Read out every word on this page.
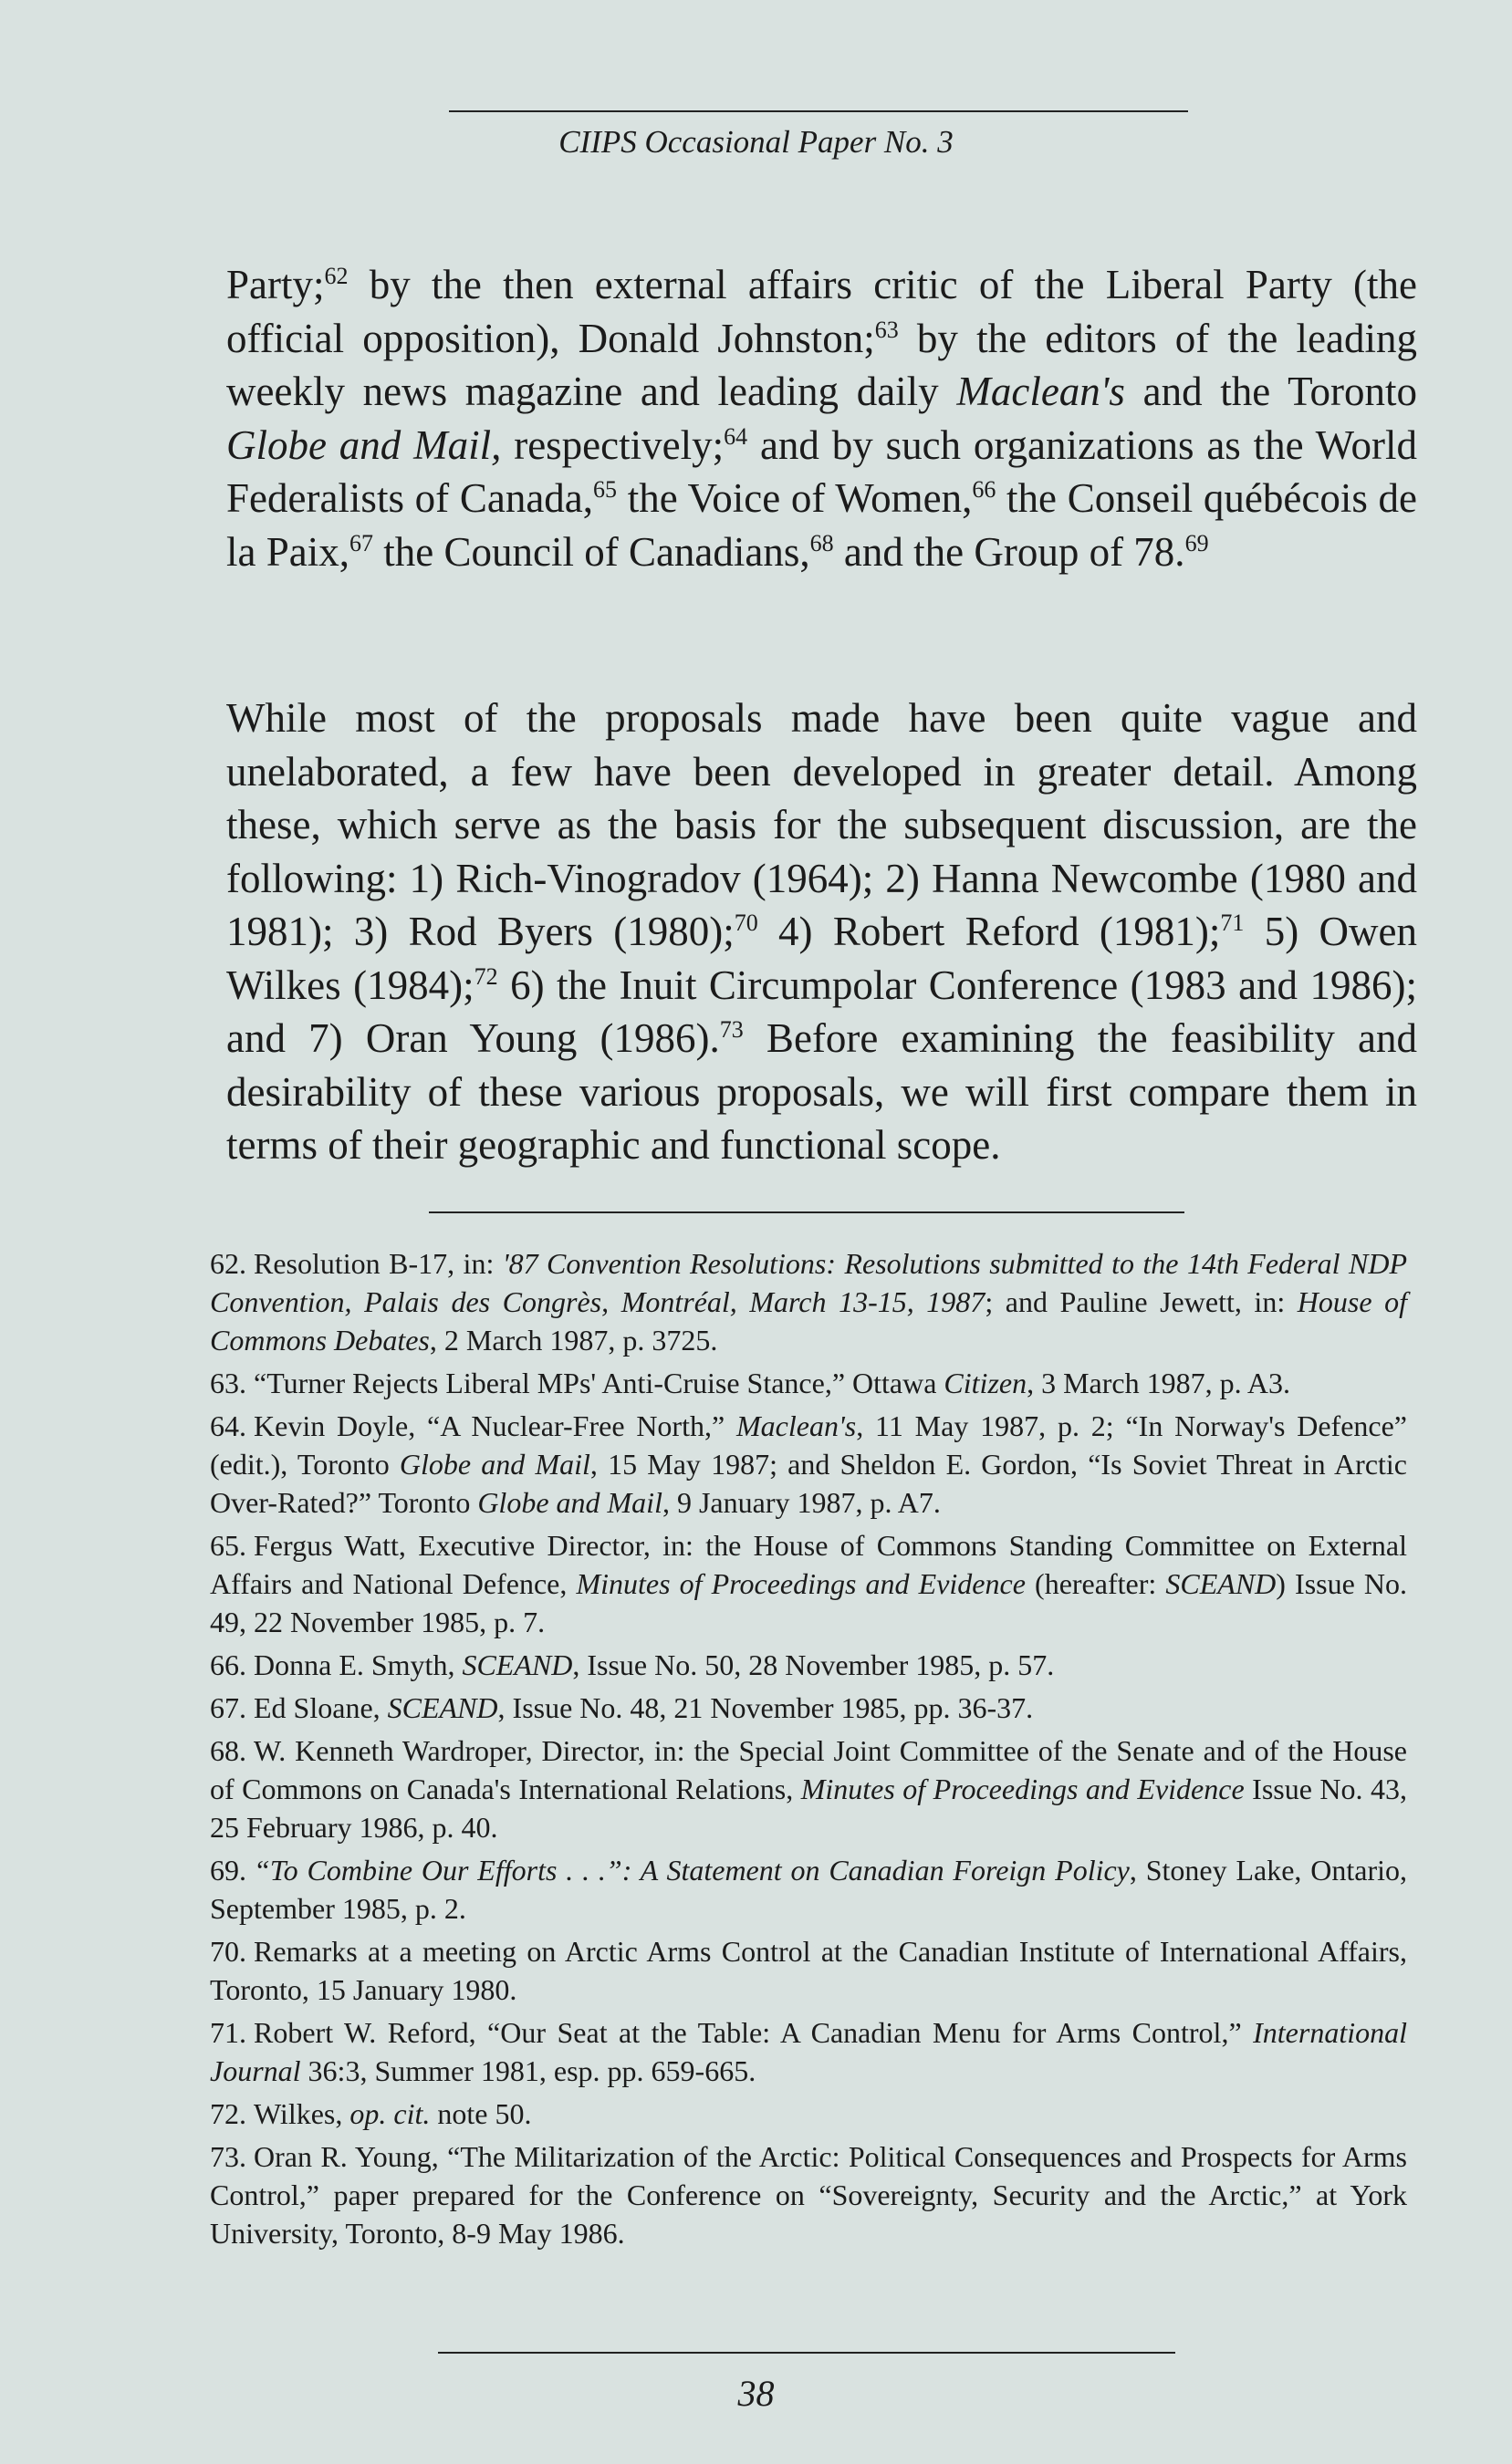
CIIPS Occasional Paper No. 3

Party;$^{62}$ by the then external affairs critic of the Liberal Party (the official opposition), Donald Johnston;$^{63}$ by the editors of the leading weekly news magazine and leading daily Maclean's and the Toronto Globe and Mail, respectively;$^{64}$ and by such organizations as the World Federalists of Canada,$^{65}$ the Voice of Women,$^{66}$ the Conseil québécois de la Paix,$^{67}$ the Council of Canadians,$^{68}$ and the Group of 78.69

While most of the proposals made have been quite vague and unelaborated, a few have been developed in greater detail. Among these, which serve as the basis for the subsequent discussion, are the following: 1) Rich-Vinogradov (1964); 2) Hanna Newcombe (1980 and 1981); 3) Rod Byers (1980);$^{70}$ 4) Robert Reford (1981);$^{71}$ 5) Owen Wilkes (1984);$^{72}$ 6) the Inuit Circumpolar Conference (1983 and 1986); and 7) Oran Young (1986).$^{73}$ Before examining the feasibility and desirability of these various proposals, we will first compare them in terms of their geographic and functional scope.

62. Resolution B-17, in: '87 Convention Resolutions: Resolutions submitted to the 14th Federal NDP Convention, Palais des Congrès, Montréal, March 13-15, 1987; and Pauline Jewett, in: House of Commons Debates, 2 March 1987, p. 3725.

63. “Turner Rejects Liberal MPs' Anti-Cruise Stance,” Ottawa Citizen, 3 March 1987, p. A3.

64. Kevin Doyle, “A Nuclear-Free North,” Maclean's, 11 May 1987, p. 2; “In Norway's Defence” (edit.), Toronto Globe and Mail, 15 May 1987; and Sheldon E. Gordon, “Is Soviet Threat in Arctic Over-Rated?” Toronto Globe and Mail, 9 January 1987, p. A7.

65. Fergus Watt, Executive Director, in: the House of Commons Standing Committee on External Affairs and National Defence, Minutes of Proceedings and Evidence (hereafter: SCEAND) Issue No. 49, 22 November 1985, p. 7.

66. Donna E. Smyth, SCEAND, Issue No. 50, 28 November 1985, p. 57.

67. Ed Sloane, SCEAND, Issue No. 48, 21 November 1985, pp. 36-37.

68. W. Kenneth Wardroper, Director, in: the Special Joint Committee of the Senate and of the House of Commons on Canada's International Relations, Minutes of Proceedings and Evidence Issue No. 43, 25 February 1986, p. 40.

69. “To Combine Our Efforts . . .”: A Statement on Canadian Foreign Policy, Stoney Lake, Ontario, September 1985, p. 2.

70. Remarks at a meeting on Arctic Arms Control at the Canadian Institute of International Affairs, Toronto, 15 January 1980.

71. Robert W. Reford, “Our Seat at the Table: A Canadian Menu for Arms Control,” International Journal 36:3, Summer 1981, esp. pp. 659-665.

72. Wilkes, op. cit. note 50.

73. Oran R. Young, “The Militarization of the Arctic: Political Consequences and Prospects for Arms Control,” paper prepared for the Conference on “Sovereignty, Security and the Arctic,” at York University, Toronto, 8-9 May 1986.

38
